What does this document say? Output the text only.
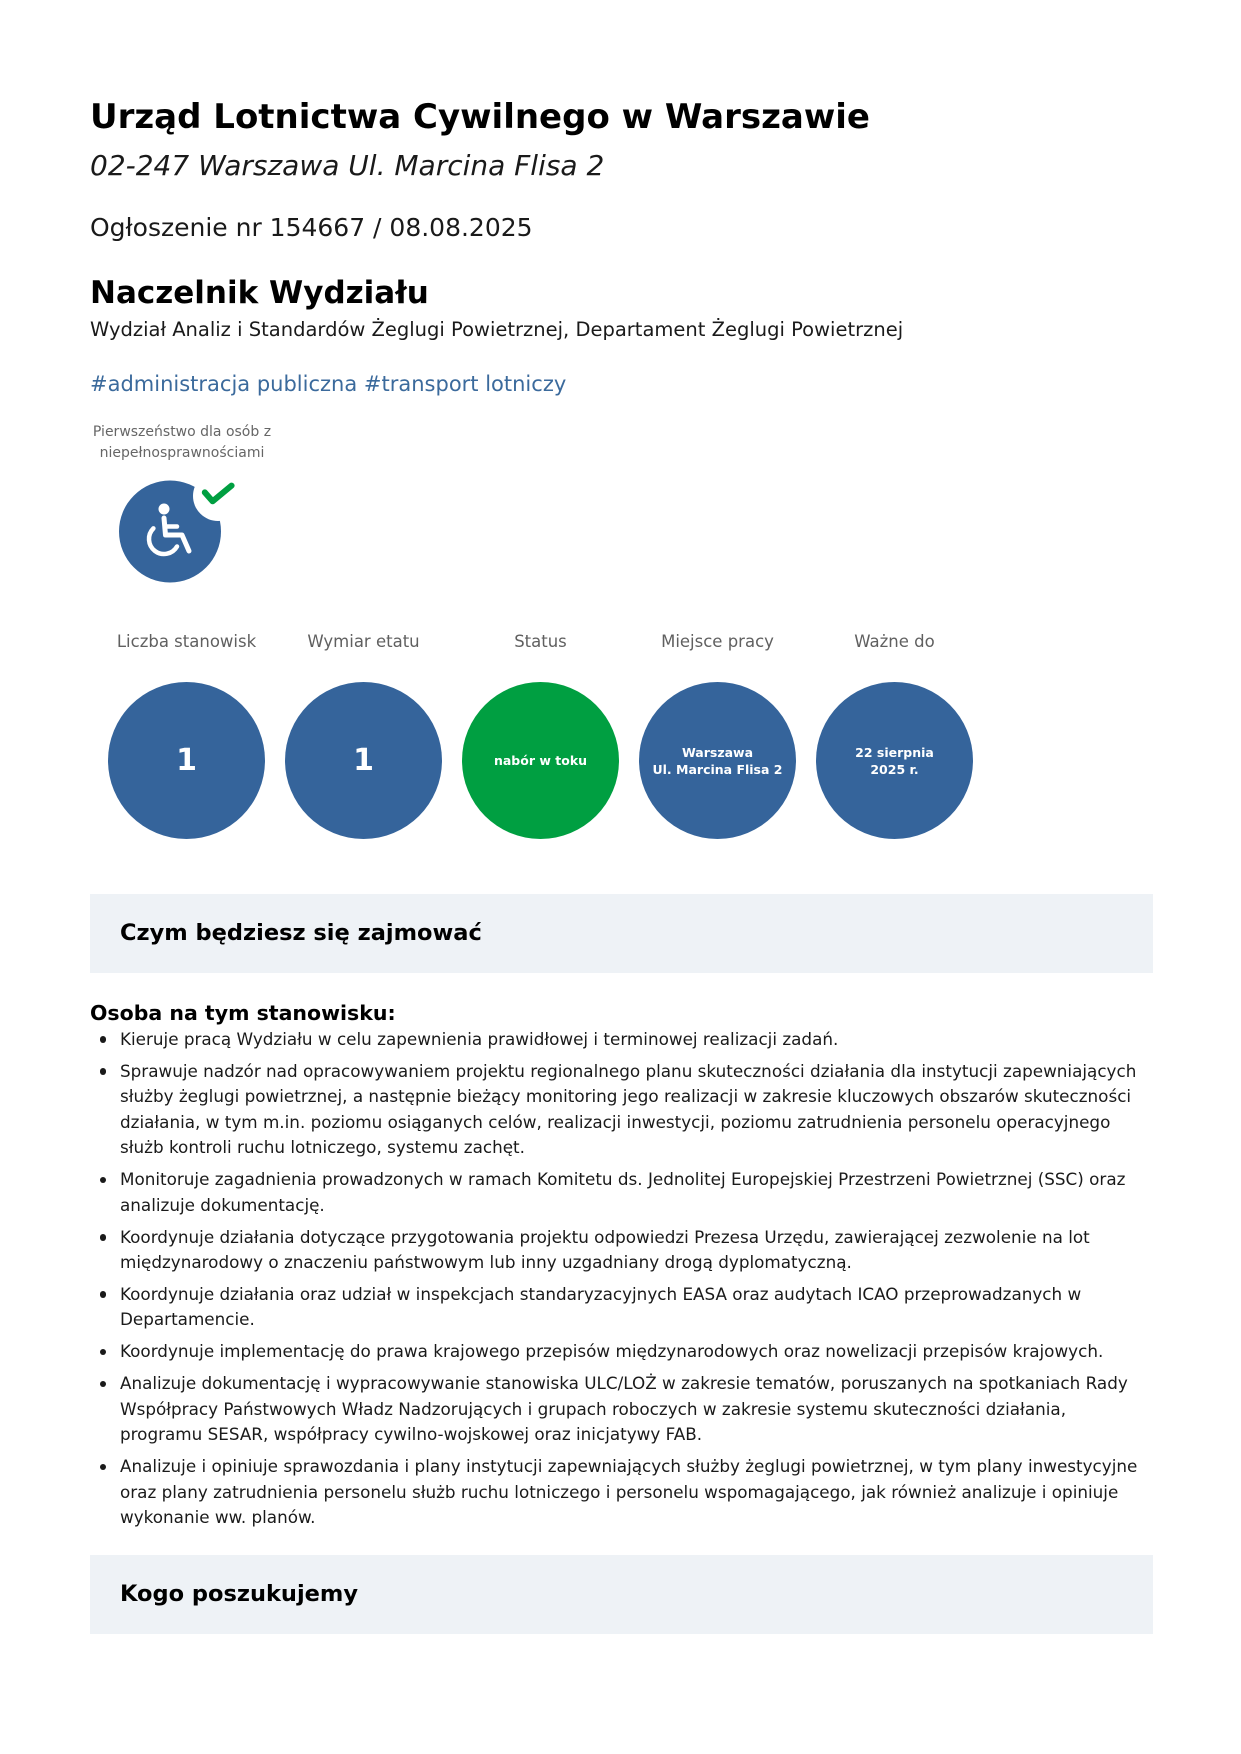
Urząd Lotnictwa Cywilnego w Warszawie
02-247 Warszawa Ul. Marcina Flisa 2
Ogłoszenie nr 154667 / 08.08.2025
Naczelnik Wydziału
Wydział Analiz i Standardów Żeglugi Powietrznej, Departament Żeglugi Powietrznej
#administracja publiczna #transport lotniczy
Pierwszeństwo dla osób z niepełnosprawnościami
Liczba stanowisk
1
Wymiar etatu
1
Status
nabór w toku
Miejsce pracy
Warszawa
Ul. Marcina Flisa 2
Ważne do
22 sierpnia
2025 r.
Czym będziesz się zajmować
Osoba na tym stanowisku:
Kieruje pracą Wydziału w celu zapewnienia prawidłowej i terminowej realizacji zadań.
Sprawuje nadzór nad opracowywaniem projektu regionalnego planu skuteczności działania dla instytucji zapewniających
służby żeglugi powietrznej, a następnie bieżący monitoring jego realizacji w zakresie kluczowych obszarów skuteczności
działania, w tym m.in. poziomu osiąganych celów, realizacji inwestycji, poziomu zatrudnienia personelu operacyjnego
służb kontroli ruchu lotniczego, systemu zachęt.
Monitoruje zagadnienia prowadzonych w ramach Komitetu ds. Jednolitej Europejskiej Przestrzeni Powietrznej (SSC) oraz
analizuje dokumentację.
Koordynuje działania dotyczące przygotowania projektu odpowiedzi Prezesa Urzędu, zawierającej zezwolenie na lot
międzynarodowy o znaczeniu państwowym lub inny uzgadniany drogą dyplomatyczną.
Koordynuje działania oraz udział w inspekcjach standaryzacyjnych EASA oraz audytach ICAO przeprowadzanych w
Departamencie.
Koordynuje implementację do prawa krajowego przepisów międzynarodowych oraz nowelizacji przepisów krajowych.
Analizuje dokumentację i wypracowywanie stanowiska ULC/LOŻ w zakresie tematów, poruszanych na spotkaniach Rady
Współpracy Państwowych Władz Nadzorujących i grupach roboczych w zakresie systemu skuteczności działania,
programu SESAR, współpracy cywilno-wojskowej oraz inicjatywy FAB.
Analizuje i opiniuje sprawozdania i plany instytucji zapewniających służby żeglugi powietrznej, w tym plany inwestycyjne
oraz plany zatrudnienia personelu służb ruchu lotniczego i personelu wspomagającego, jak również analizuje i opiniuje
wykonanie ww. planów.
Kogo poszukujemy
